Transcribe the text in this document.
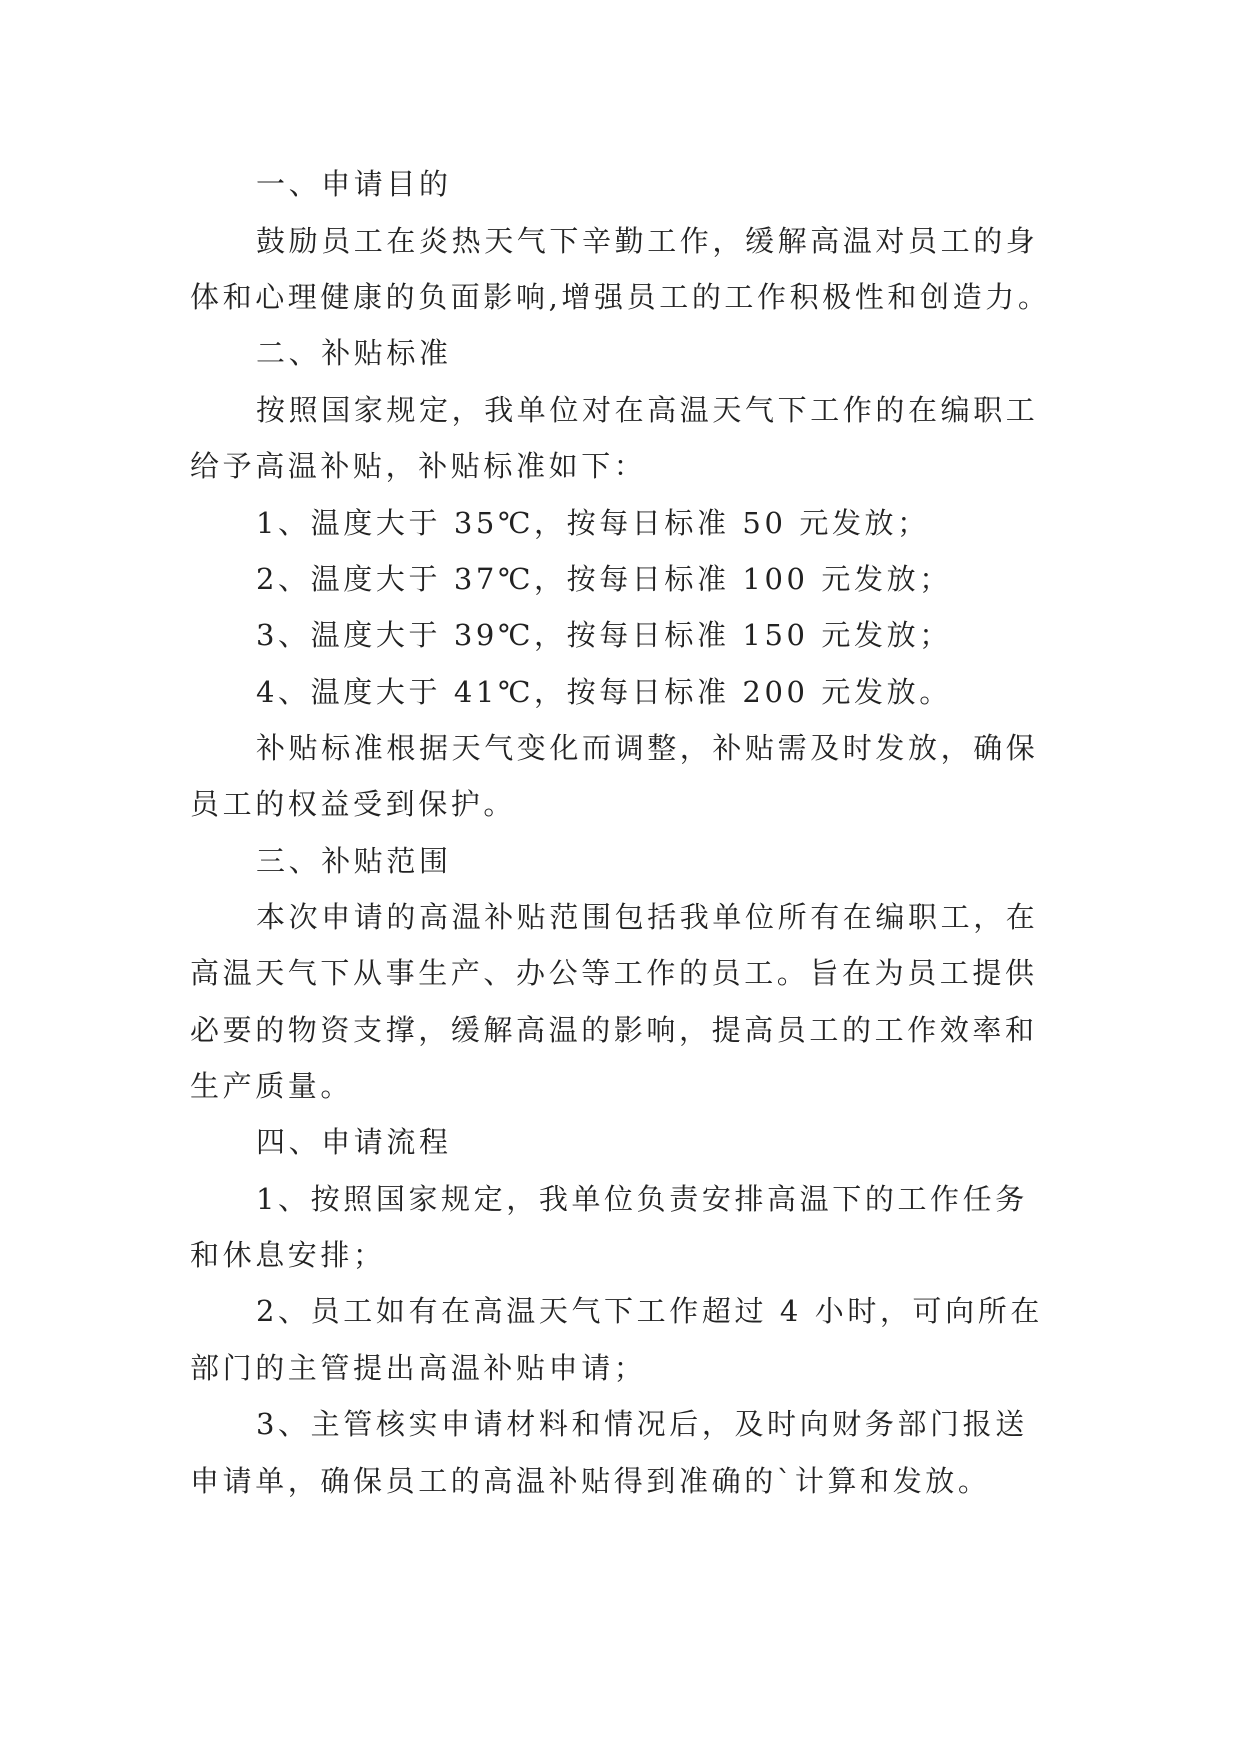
一、申请目的
鼓励员工在炎热天气下辛勤工作，缓解高温对员工的身
体和心理健康的负面影响,增强员工的工作积极性和创造力。
二、补贴标准
按照国家规定，我单位对在高温天气下工作的在编职工
给予高温补贴，补贴标准如下：
1、温度大于 35℃，按每日标准 50 元发放；
2、温度大于 37℃，按每日标准 100 元发放；
3、温度大于 39℃，按每日标准 150 元发放；
4、温度大于 41℃，按每日标准 200 元发放。
补贴标准根据天气变化而调整，补贴需及时发放，确保
员工的权益受到保护。
三、补贴范围
本次申请的高温补贴范围包括我单位所有在编职工，在
高温天气下从事生产、办公等工作的员工。旨在为员工提供
必要的物资支撑，缓解高温的影响，提高员工的工作效率和
生产质量。
四、申请流程
1、按照国家规定，我单位负责安排高温下的工作任务
和休息安排；
2、员工如有在高温天气下工作超过 4 小时，可向所在
部门的主管提出高温补贴申请；
3、主管核实申请材料和情况后，及时向财务部门报送
申请单，确保员工的高温补贴得到准确的`计算和发放。
